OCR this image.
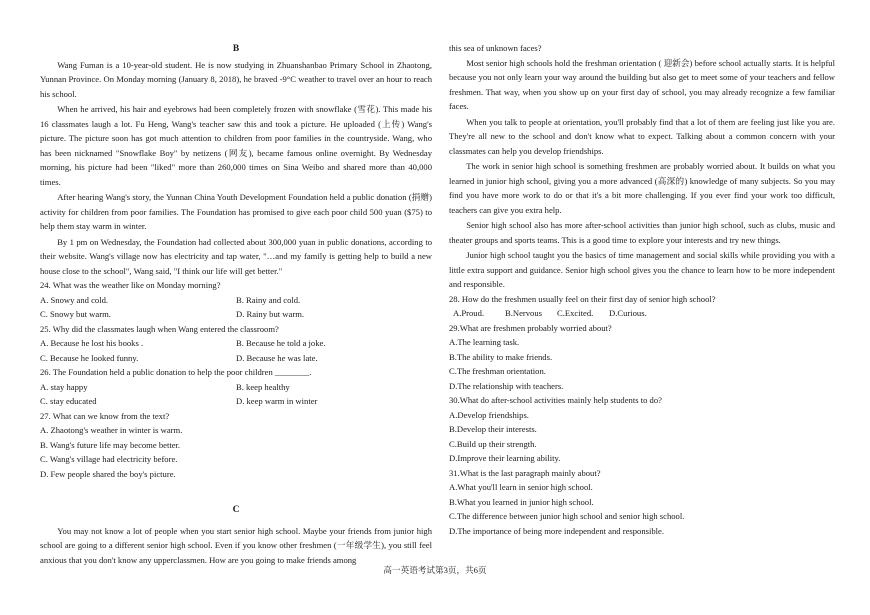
B

Wang Fuman is a 10-year-old student. He is now studying in Zhuanshanbao Primary School in Zhaotong, Yunnan Province. On Monday morning (January 8, 2018), he braved -9°C weather to travel over an hour to reach his school.

When he arrived, his hair and eyebrows had been completely frozen with snowflake (雪花). This made his 16 classmates laugh a lot. Fu Heng, Wang's teacher saw this and took a picture. He uploaded (上传) Wang's picture. The picture soon has got much attention to children from poor families in the countryside. Wang, who has been nicknamed "Snowflake Boy" by netizens (网友), became famous online overnight. By Wednesday morning, his picture had been "liked" more than 260,000 times on Sina Weibo and shared more than 40,000 times.

After hearing Wang's story, the Yunnan China Youth Development Foundation held a public donation (捐赠) activity for children from poor families. The Foundation has promised to give each poor child 500 yuan ($75) to help them stay warm in winter.

By 1 pm on Wednesday, the Foundation had collected about 300,000 yuan in public donations, according to their website. Wang's village now has electricity and tap water, "…and my family is getting help to build a new house close to the school", Wang said, "I think our life will get better."

24. What was the weather like on Monday morning?
A. Snowy and cold.	B. Rainy and cold.
C. Snowy but warm.	D. Rainy but warm.
25. Why did the classmates laugh when Wang entered the classroom?
A. Because he lost his books .	B. Because he told a joke.
C. Because he looked funny.	D. Because he was late.
26. The Foundation held a public donation to help the poor children ________.
A. stay happy	B. keep healthy
C. stay educated	D. keep warm in winter
27. What can we know from the text?
A. Zhaotong's weather in winter is warm.
B. Wang's future life may become better.
C. Wang's village had electricity before.
D. Few people shared the boy's picture.
C

You may not know a lot of people when you start senior high school. Maybe your friends from junior high school are going to a different senior high school. Even if you know other freshmen (一年级学生), you still feel anxious that you don't know any upperclassmen. How are you going to make friends among

this sea of unknown faces?

Most senior high schools hold the freshman orientation ( 迎新会) before school actually starts. It is helpful because you not only learn your way around the building but also get to meet some of your teachers and fellow freshmen. That way, when you show up on your first day of school, you may already recognize a few familiar faces.

When you talk to people at orientation, you'll probably find that a lot of them are feeling just like you are. They're all new to the school and don't know what to expect. Talking about a common concern with your classmates can help you develop friendships.

The work in senior high school is something freshmen are probably worried about. It builds on what you learned in junior high school, giving you a more advanced (高深的) knowledge of many subjects. So you may find you have more work to do or that it's a bit more challenging. If you ever find your work too difficult, teachers can give you extra help.

Senior high school also has more after-school activities than junior high school, such as clubs, music and theater groups and sports teams. This is a good time to explore your interests and try new things.

Junior high school taught you the basics of time management and social skills while providing you with a little extra support and guidance. Senior high school gives you the chance to learn how to be more independent and responsible.

28. How do the freshmen usually feel on their first day of senior high school?
A.Proud.	B.Nervous	C.Excited.	D.Curious.
29.What are freshmen probably worried about?
A.The learning task.
B.The ability to make friends.
C.The freshman orientation.
D.The relationship with teachers.
30.What do after-school activities mainly help students to do?
A.Develop friendships.
B.Develop their interests.
C.Build up their strength.
D.Improve their learning ability.
31.What is the last paragraph mainly about?
A.What you'll learn in senior high school.
B.What you learned in junior high school.
C.The difference between junior high school and senior high school.
D.The importance of being more independent and responsible.
高一英语考试第3页，共6页
